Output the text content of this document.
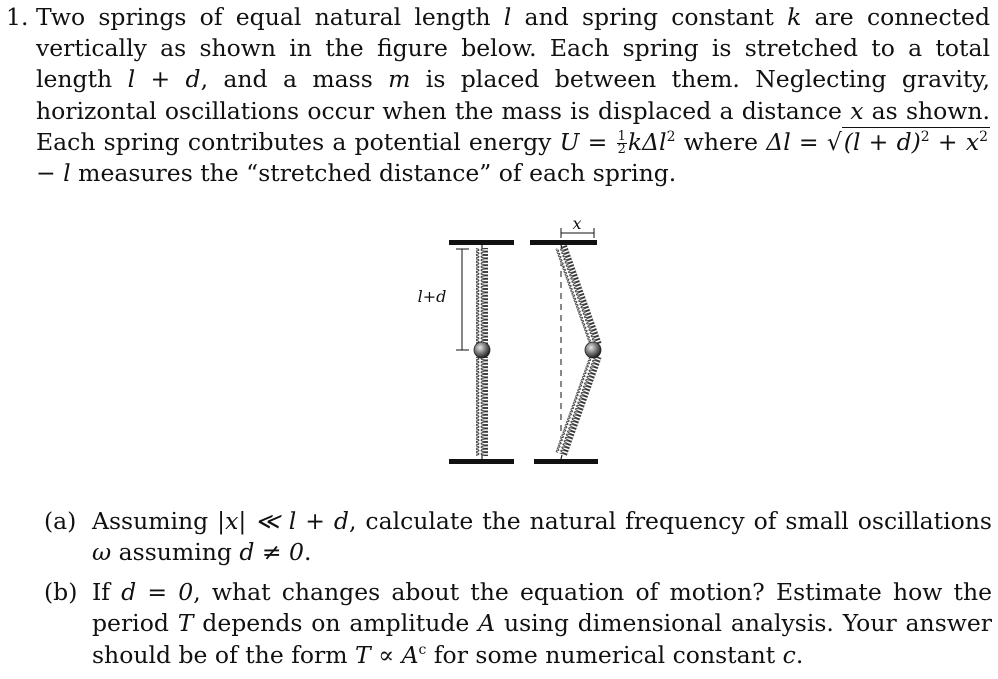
1. Two springs of equal natural length l and spring constant k are connected vertically as shown in the figure below. Each spring is stretched to a total length l + d, and a mass m is placed between them. Neglecting gravity, horizontal oscillations occur when the mass is displaced a distance x as shown. Each spring contributes a potential energy $U = \frac{1}{2} k\Delta l^2$ where $\Delta l = √(l + d)^2 + x^2 - l$ measures the “stretched distance” of each spring.
l+d
x
(a) Assuming |x| ≪ l + d, calculate the natural frequency of small oscillations ω assuming d ≠ 0.
(b) If d = 0, what changes about the equation of motion? Estimate how the period T depends on amplitude A using dimensional analysis. Your answer should be of the form $T \propto A^c$ for some numerical constant c.
